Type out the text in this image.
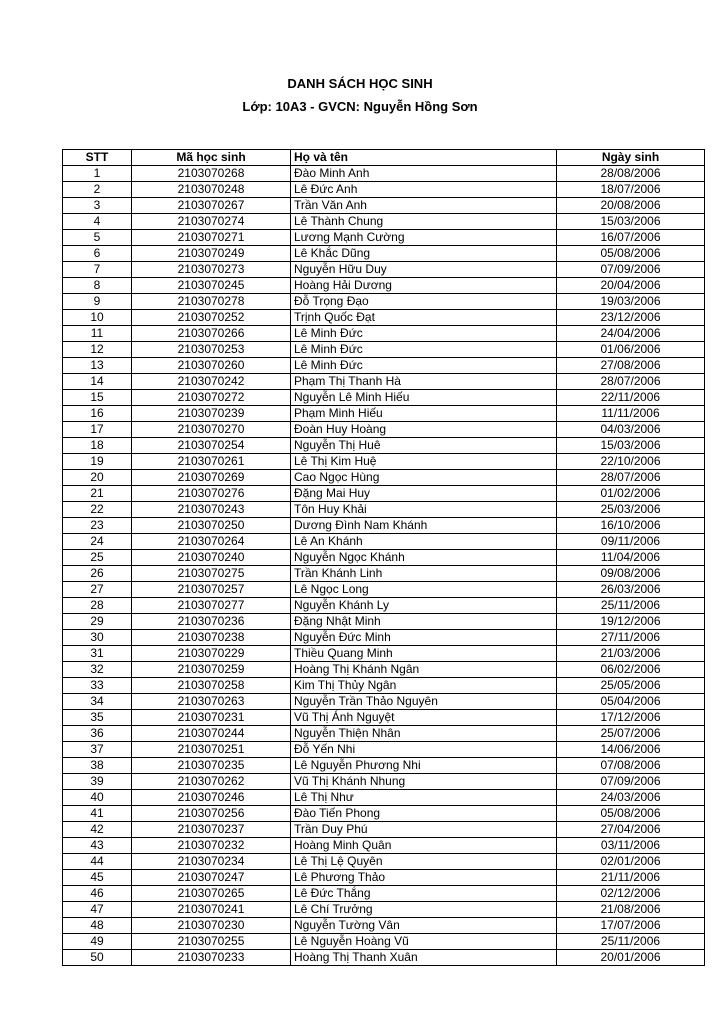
DANH SÁCH HỌC SINH
Lớp: 10A3 - GVCN: Nguyễn Hồng Sơn
STT	Mã học sinh	Họ và tên	Ngày sinh
1	2103070268	Đào Minh Anh	28/08/2006
2	2103070248	Lê Đức Anh	18/07/2006
3	2103070267	Trần Văn Anh	20/08/2006
4	2103070274	Lê Thành Chung	15/03/2006
5	2103070271	Lương Mạnh Cường	16/07/2006
6	2103070249	Lê Khắc Dũng	05/08/2006
7	2103070273	Nguyễn Hữu Duy	07/09/2006
8	2103070245	Hoàng Hải Dương	20/04/2006
9	2103070278	Đỗ Trọng Đạo	19/03/2006
10	2103070252	Trịnh Quốc Đạt	23/12/2006
11	2103070266	Lê Minh Đức	24/04/2006
12	2103070253	Lê Minh Đức	01/06/2006
13	2103070260	Lê Minh Đức	27/08/2006
14	2103070242	Phạm Thị Thanh Hà	28/07/2006
15	2103070272	Nguyễn Lê Minh Hiếu	22/11/2006
16	2103070239	Phạm Minh Hiếu	11/11/2006
17	2103070270	Đoàn Huy Hoàng	04/03/2006
18	2103070254	Nguyễn Thị Huê	15/03/2006
19	2103070261	Lê Thị Kim Huệ	22/10/2006
20	2103070269	Cao Ngọc Hùng	28/07/2006
21	2103070276	Đặng Mai Huy	01/02/2006
22	2103070243	Tôn Huy Khải	25/03/2006
23	2103070250	Dương Đình Nam Khánh	16/10/2006
24	2103070264	Lê An Khánh	09/11/2006
25	2103070240	Nguyễn Ngọc Khánh	11/04/2006
26	2103070275	Trần Khánh Linh	09/08/2006
27	2103070257	Lê Ngọc Long	26/03/2006
28	2103070277	Nguyễn Khánh Ly	25/11/2006
29	2103070236	Đặng Nhật Minh	19/12/2006
30	2103070238	Nguyễn Đức Minh	27/11/2006
31	2103070229	Thiều Quang Minh	21/03/2006
32	2103070259	Hoàng Thị Khánh Ngân	06/02/2006
33	2103070258	Kim Thị Thủy Ngân	25/05/2006
34	2103070263	Nguyễn Trần Thảo Nguyên	05/04/2006
35	2103070231	Vũ Thị Ánh Nguyệt	17/12/2006
36	2103070244	Nguyễn Thiện Nhân	25/07/2006
37	2103070251	Đỗ Yến Nhi	14/06/2006
38	2103070235	Lê Nguyễn Phương Nhi	07/08/2006
39	2103070262	Vũ Thị Khánh Nhung	07/09/2006
40	2103070246	Lê Thị Như	24/03/2006
41	2103070256	Đào Tiến Phong	05/08/2006
42	2103070237	Trần Duy Phú	27/04/2006
43	2103070232	Hoàng Minh Quân	03/11/2006
44	2103070234	Lê Thị Lệ Quyên	02/01/2006
45	2103070247	Lê Phương Thảo	21/11/2006
46	2103070265	Lê Đức Thắng	02/12/2006
47	2103070241	Lê Chí Trưởng	21/08/2006
48	2103070230	Nguyễn Tường Vân	17/07/2006
49	2103070255	Lê Nguyễn Hoàng Vũ	25/11/2006
50	2103070233	Hoàng Thị Thanh Xuân	20/01/2006
